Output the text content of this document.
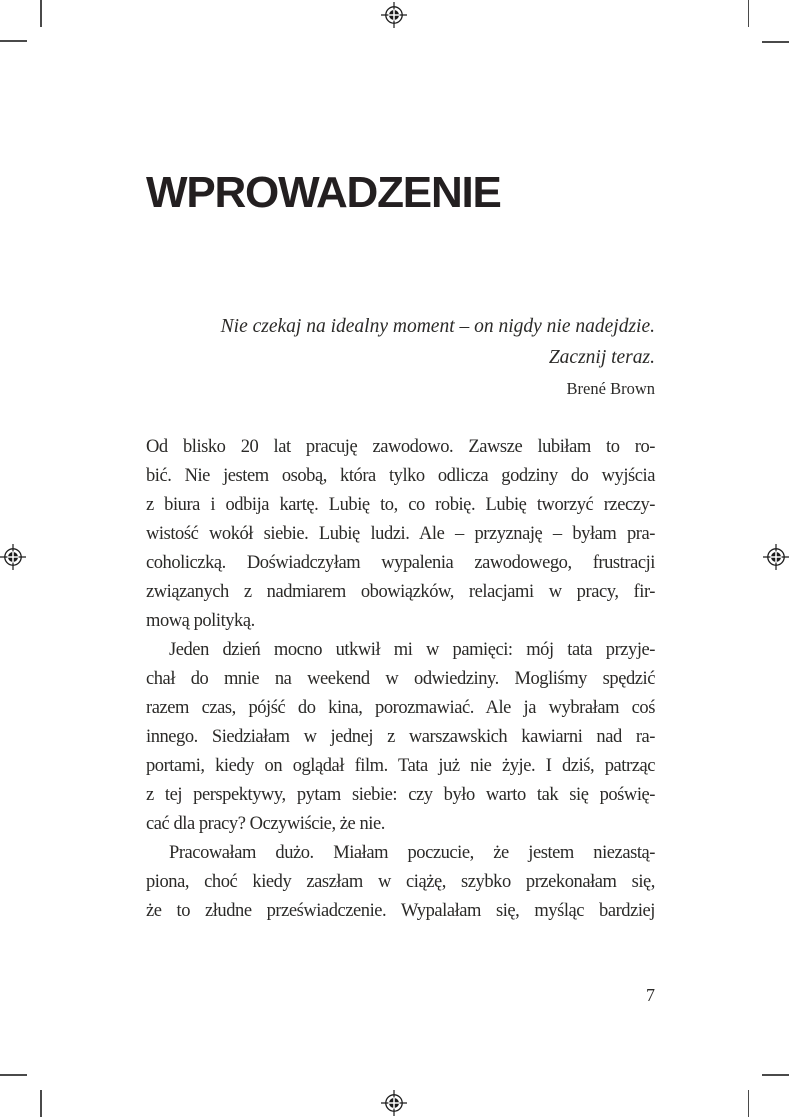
WPROWADZENIE
Nie czekaj na idealny moment – on nigdy nie nadejdzie.
Zacznij teraz.
Brené Brown
Od blisko 20 lat pracuję zawodowo. Zawsze lubiłam to ro-
bić. Nie jestem osobą, która tylko odlicza godziny do wyjścia
z biura i odbija kartę. Lubię to, co robię. Lubię tworzyć rzeczy-
wistość wokół siebie. Lubię ludzi. Ale – przyznaję – byłam pra-
coholiczką. Doświadczyłam wypalenia zawodowego, frustracji
związanych z nadmiarem obowiązków, relacjami w pracy, fir-
mową polityką.
Jeden dzień mocno utkwił mi w pamięci: mój tata przyje-
chał do mnie na weekend w odwiedziny. Mogliśmy spędzić
razem czas, pójść do kina, porozmawiać. Ale ja wybrałam coś
innego. Siedziałam w jednej z warszawskich kawiarni nad ra-
portami, kiedy on oglądał film. Tata już nie żyje. I dziś, patrząc
z tej perspektywy, pytam siebie: czy było warto tak się poświę-
cać dla pracy? Oczywiście, że nie.
Pracowałam dużo. Miałam poczucie, że jestem niezastą-
piona, choć kiedy zaszłam w ciążę, szybko przekonałam się,
że to złudne przeświadczenie. Wypalałam się, myśląc bardziej
7
